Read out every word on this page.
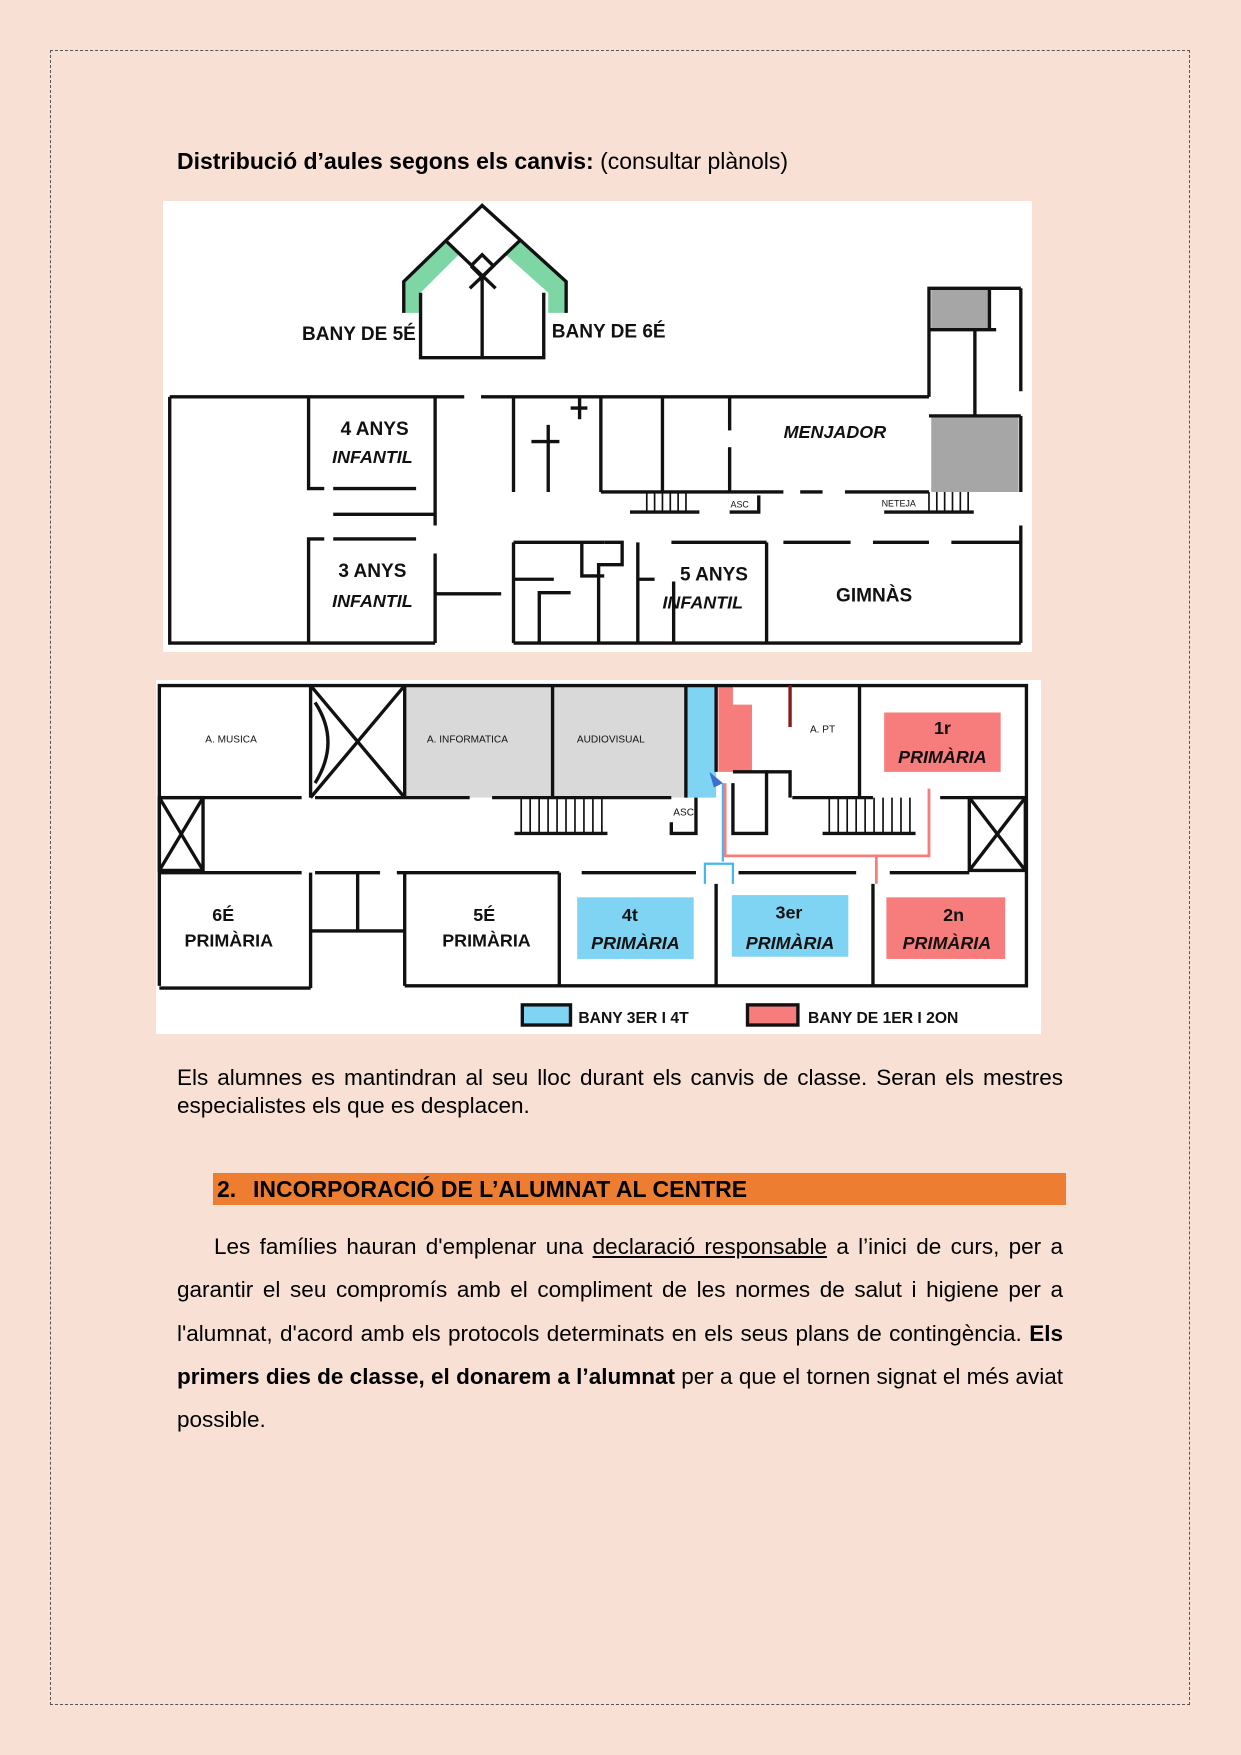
Distribució d’aules segons els canvis: (consultar plànols)
BANY DE 5É	BANY DE 6É
4 ANYS
INFANTIL
3 ANYS
INFANTIL
5 ANYS
INFANTIL
MENJADOR
GIMNÀS
ASC	NETEJA
A. MUSICA	A. INFORMATICA	AUDIOVISUAL
A. PT
ASC
1r
PRIMÀRIA
6É
PRIMÀRIA
5É
PRIMÀRIA
4t
PRIMÀRIA
3er
PRIMÀRIA
2n
PRIMÀRIA
BANY 3ER I 4T	BANY DE 1ER I 2ON
Els alumnes es mantindran al seu lloc durant els canvis de classe. Seran els mestres especialistes els que es desplacen.
2. INCORPORACIÓ DE L’ALUMNAT AL CENTRE
Les famílies hauran d'emplenar una declaració responsable a l’inici de curs, per a garantir el seu compromís amb el compliment de les normes de salut i higiene per a l'alumnat, d'acord amb els protocols determinats en els seus plans de contingència. Els primers dies de classe, el donarem a l’alumnat per a que el tornen signat el més aviat possible.
